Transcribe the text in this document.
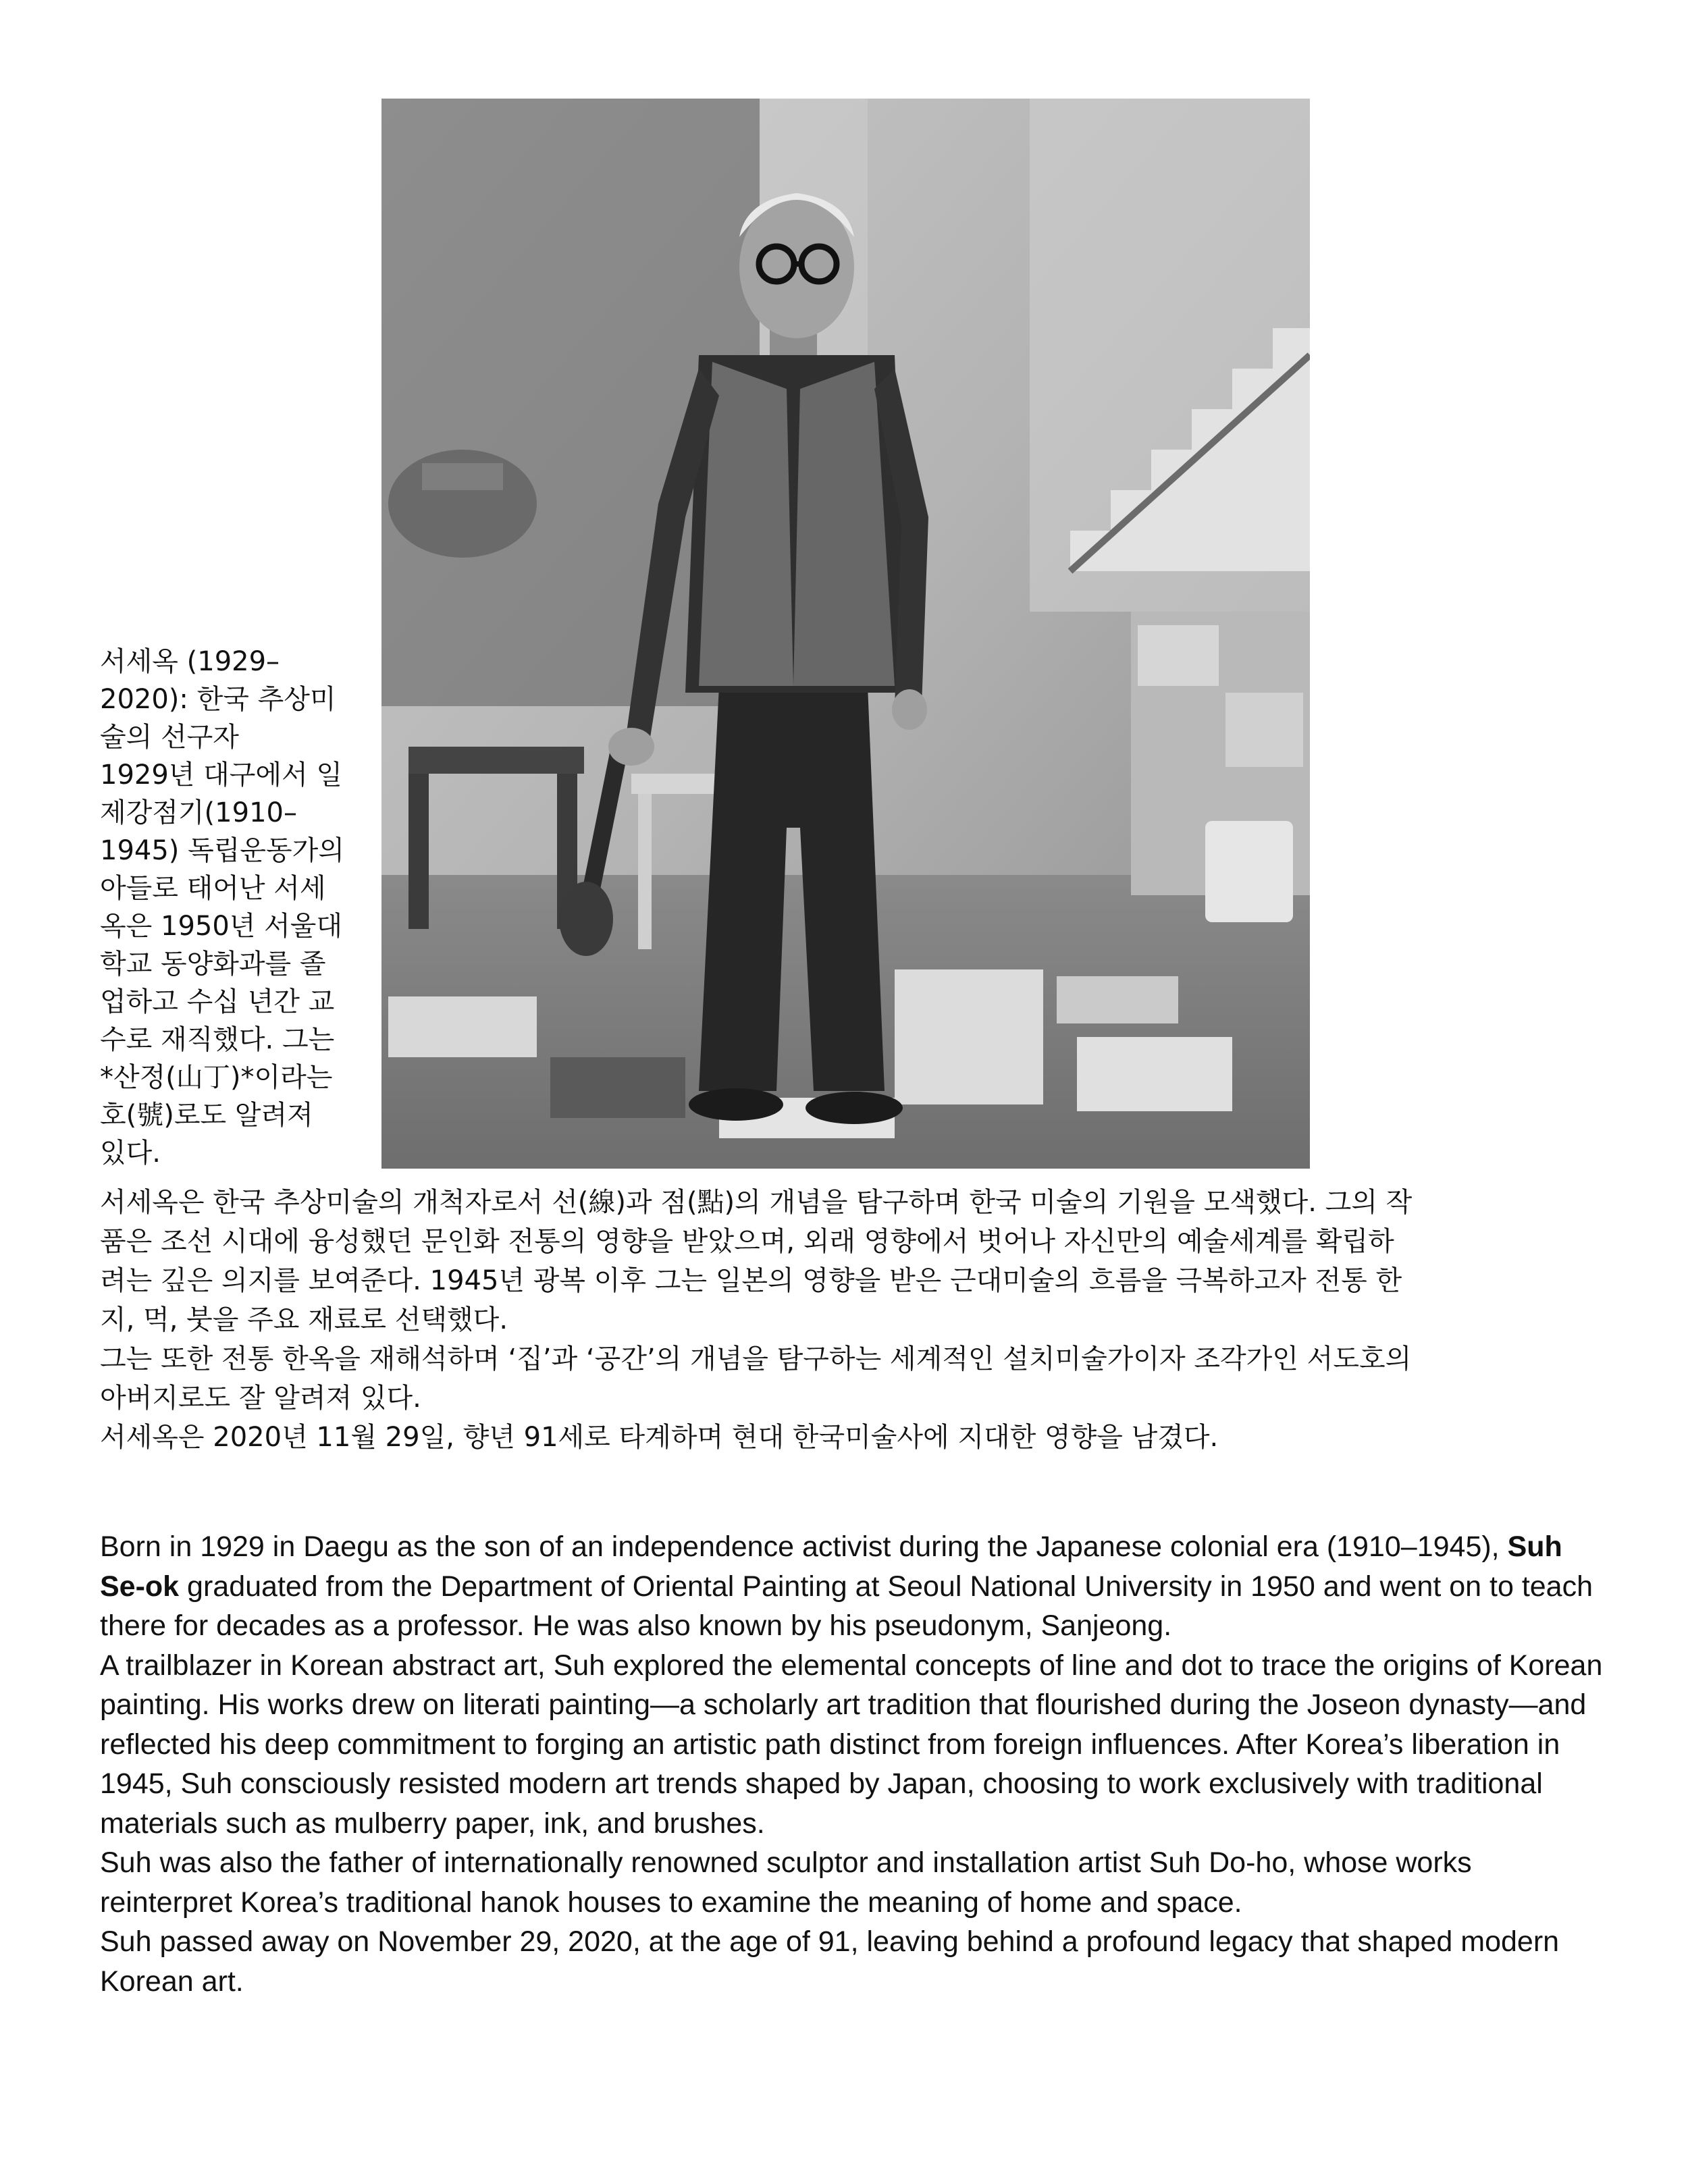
서세옥 (1929–
2020): 한국 추상미
술의 선구자
1929년 대구에서 일
제강점기(1910–
1945) 독립운동가의
아들로 태어난 서세
옥은 1950년 서울대
학교 동양화과를 졸
업하고 수십 년간 교
수로 재직했다. 그는
*산정(山丁)*이라는
호(號)로도 알려져
있다.
서세옥은 한국 추상미술의 개척자로서 선(線)과 점(點)의 개념을 탐구하며 한국 미술의 기원을 모색했다. 그의 작
품은 조선 시대에 융성했던 문인화 전통의 영향을 받았으며, 외래 영향에서 벗어나 자신만의 예술세계를 확립하
려는 깊은 의지를 보여준다. 1945년 광복 이후 그는 일본의 영향을 받은 근대미술의 흐름을 극복하고자 전통 한
지, 먹, 붓을 주요 재료로 선택했다.
그는 또한 전통 한옥을 재해석하며 ‘집’과 ‘공간’의 개념을 탐구하는 세계적인 설치미술가이자 조각가인 서도호의
아버지로도 잘 알려져 있다.
서세옥은 2020년 11월 29일, 향년 91세로 타계하며 현대 한국미술사에 지대한 영향을 남겼다.

Born in 1929 in Daegu as the son of an independence activist during the Japanese colonial era (1910–1945), Suh Se-ok graduated from the Department of Oriental Painting at Seoul National University in 1950 and went on to teach there for decades as a professor. He was also known by his pseudonym, Sanjeong.

A trailblazer in Korean abstract art, Suh explored the elemental concepts of line and dot to trace the origins of Korean painting. His works drew on literati painting—a scholarly art tradition that flourished during the Joseon dynasty—and reflected his deep commitment to forging an artistic path distinct from foreign influences. After Korea’s liberation in 1945, Suh consciously resisted modern art trends shaped by Japan, choosing to work exclusively with traditional materials such as mulberry paper, ink, and brushes.

Suh was also the father of internationally renowned sculptor and installation artist Suh Do-ho, whose works reinterpret Korea’s traditional hanok houses to examine the meaning of home and space.

Suh passed away on November 29, 2020, at the age of 91, leaving behind a profound legacy that shaped modern Korean art.
